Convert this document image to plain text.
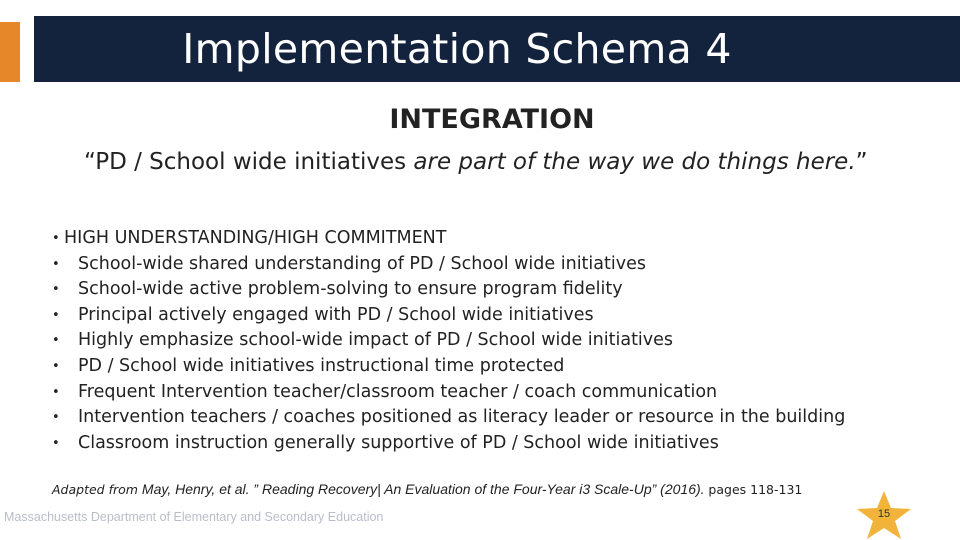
Implementation Schema 4
INTEGRATION
“PD / School wide initiatives are part of the way we do things here.”
• HIGH UNDERSTANDING/HIGH COMMITMENT
• School-wide shared understanding of PD / School wide initiatives
• School-wide active problem-solving to ensure program fidelity
• Principal actively engaged with PD / School wide initiatives
• Highly emphasize school-wide impact of PD / School wide initiatives
• PD / School wide initiatives instructional time protected
• Frequent Intervention teacher/classroom teacher / coach communication
• Intervention teachers / coaches positioned as literacy leader or resource in the building
• Classroom instruction generally supportive of PD / School wide initiatives
Adapted from May, Henry, et al. ” Reading Recovery| An Evaluation of the Four-Year i3 Scale-Up” (2016). pages 118-131
Massachusetts Department of Elementary and Secondary Education	15
